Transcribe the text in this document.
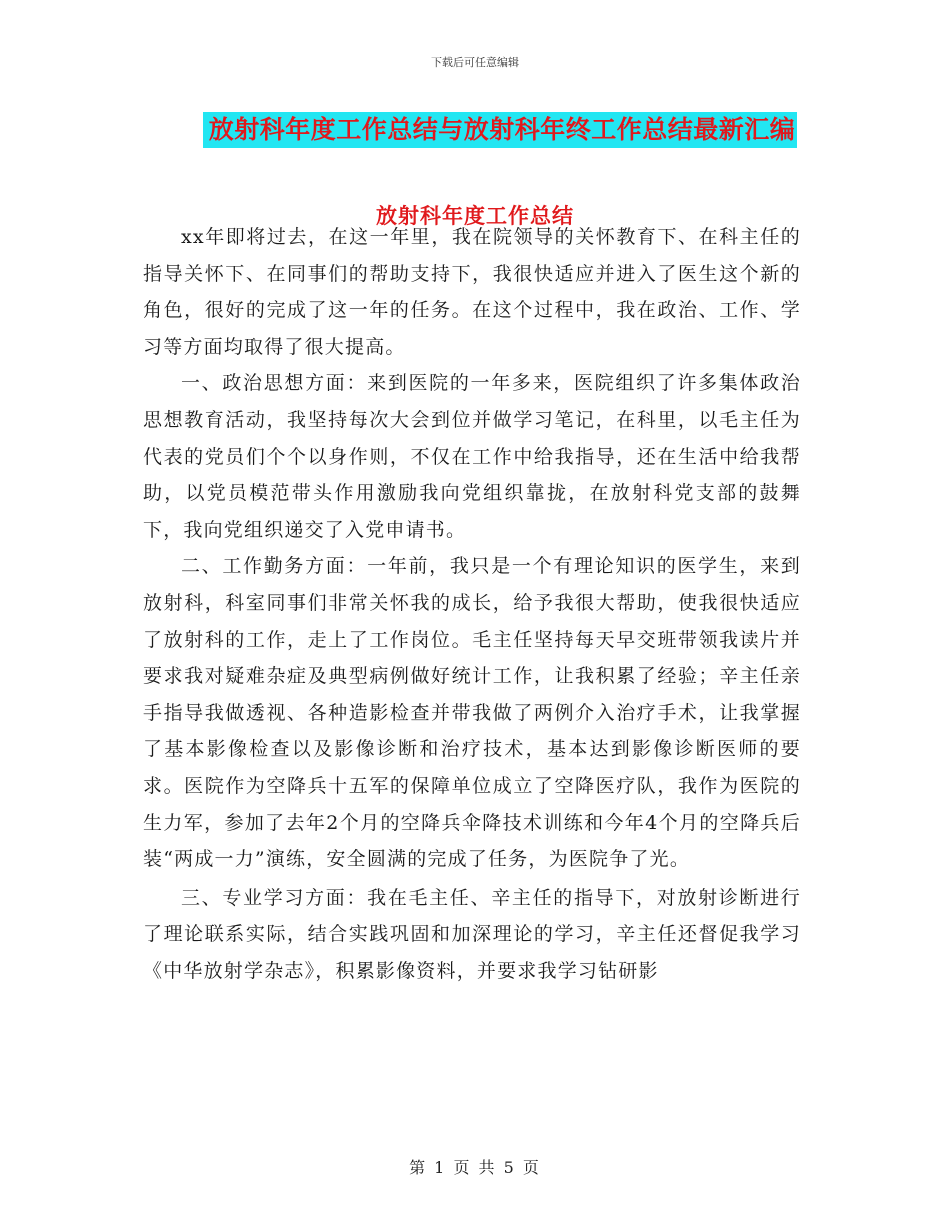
下载后可任意编辑
放射科年度工作总结与放射科年终工作总结最新汇编
放射科年度工作总结

xx年即将过去，在这一年里，我在院领导的关怀教育下、在科主任的指导关怀下、在同事们的帮助支持下，我很快适应并进入了医生这个新的角色，很好的完成了这一年的任务。在这个过程中，我在政治、工作、学习等方面均取得了很大提高。

一、政治思想方面：来到医院的一年多来，医院组织了许多集体政治思想教育活动，我坚持每次大会到位并做学习笔记，在科里，以毛主任为代表的党员们个个以身作则，不仅在工作中给我指导，还在生活中给我帮助，以党员模范带头作用激励我向党组织靠拢，在放射科党支部的鼓舞下，我向党组织递交了入党申请书。

二、工作勤务方面：一年前，我只是一个有理论知识的医学生，来到放射科，科室同事们非常关怀我的成长，给予我很大帮助，使我很快适应了放射科的工作，走上了工作岗位。毛主任坚持每天早交班带领我读片并要求我对疑难杂症及典型病例做好统计工作，让我积累了经验；辛主任亲手指导我做透视、各种造影检查并带我做了两例介入治疗手术，让我掌握了基本影像检查以及影像诊断和治疗技术，基本达到影像诊断医师的要求。医院作为空降兵十五军的保障单位成立了空降医疗队，我作为医院的生力军，参加了去年2个月的空降兵伞降技术训练和今年4个月的空降兵后装“两成一力”演练，安全圆满的完成了任务，为医院争了光。

三、专业学习方面：我在毛主任、辛主任的指导下，对放射诊断进行了理论联系实际，结合实践巩固和加深理论的学习，辛主任还督促我学习《中华放射学杂志》，积累影像资料，并要求我学习钻研影

第 1 页 共 5 页
